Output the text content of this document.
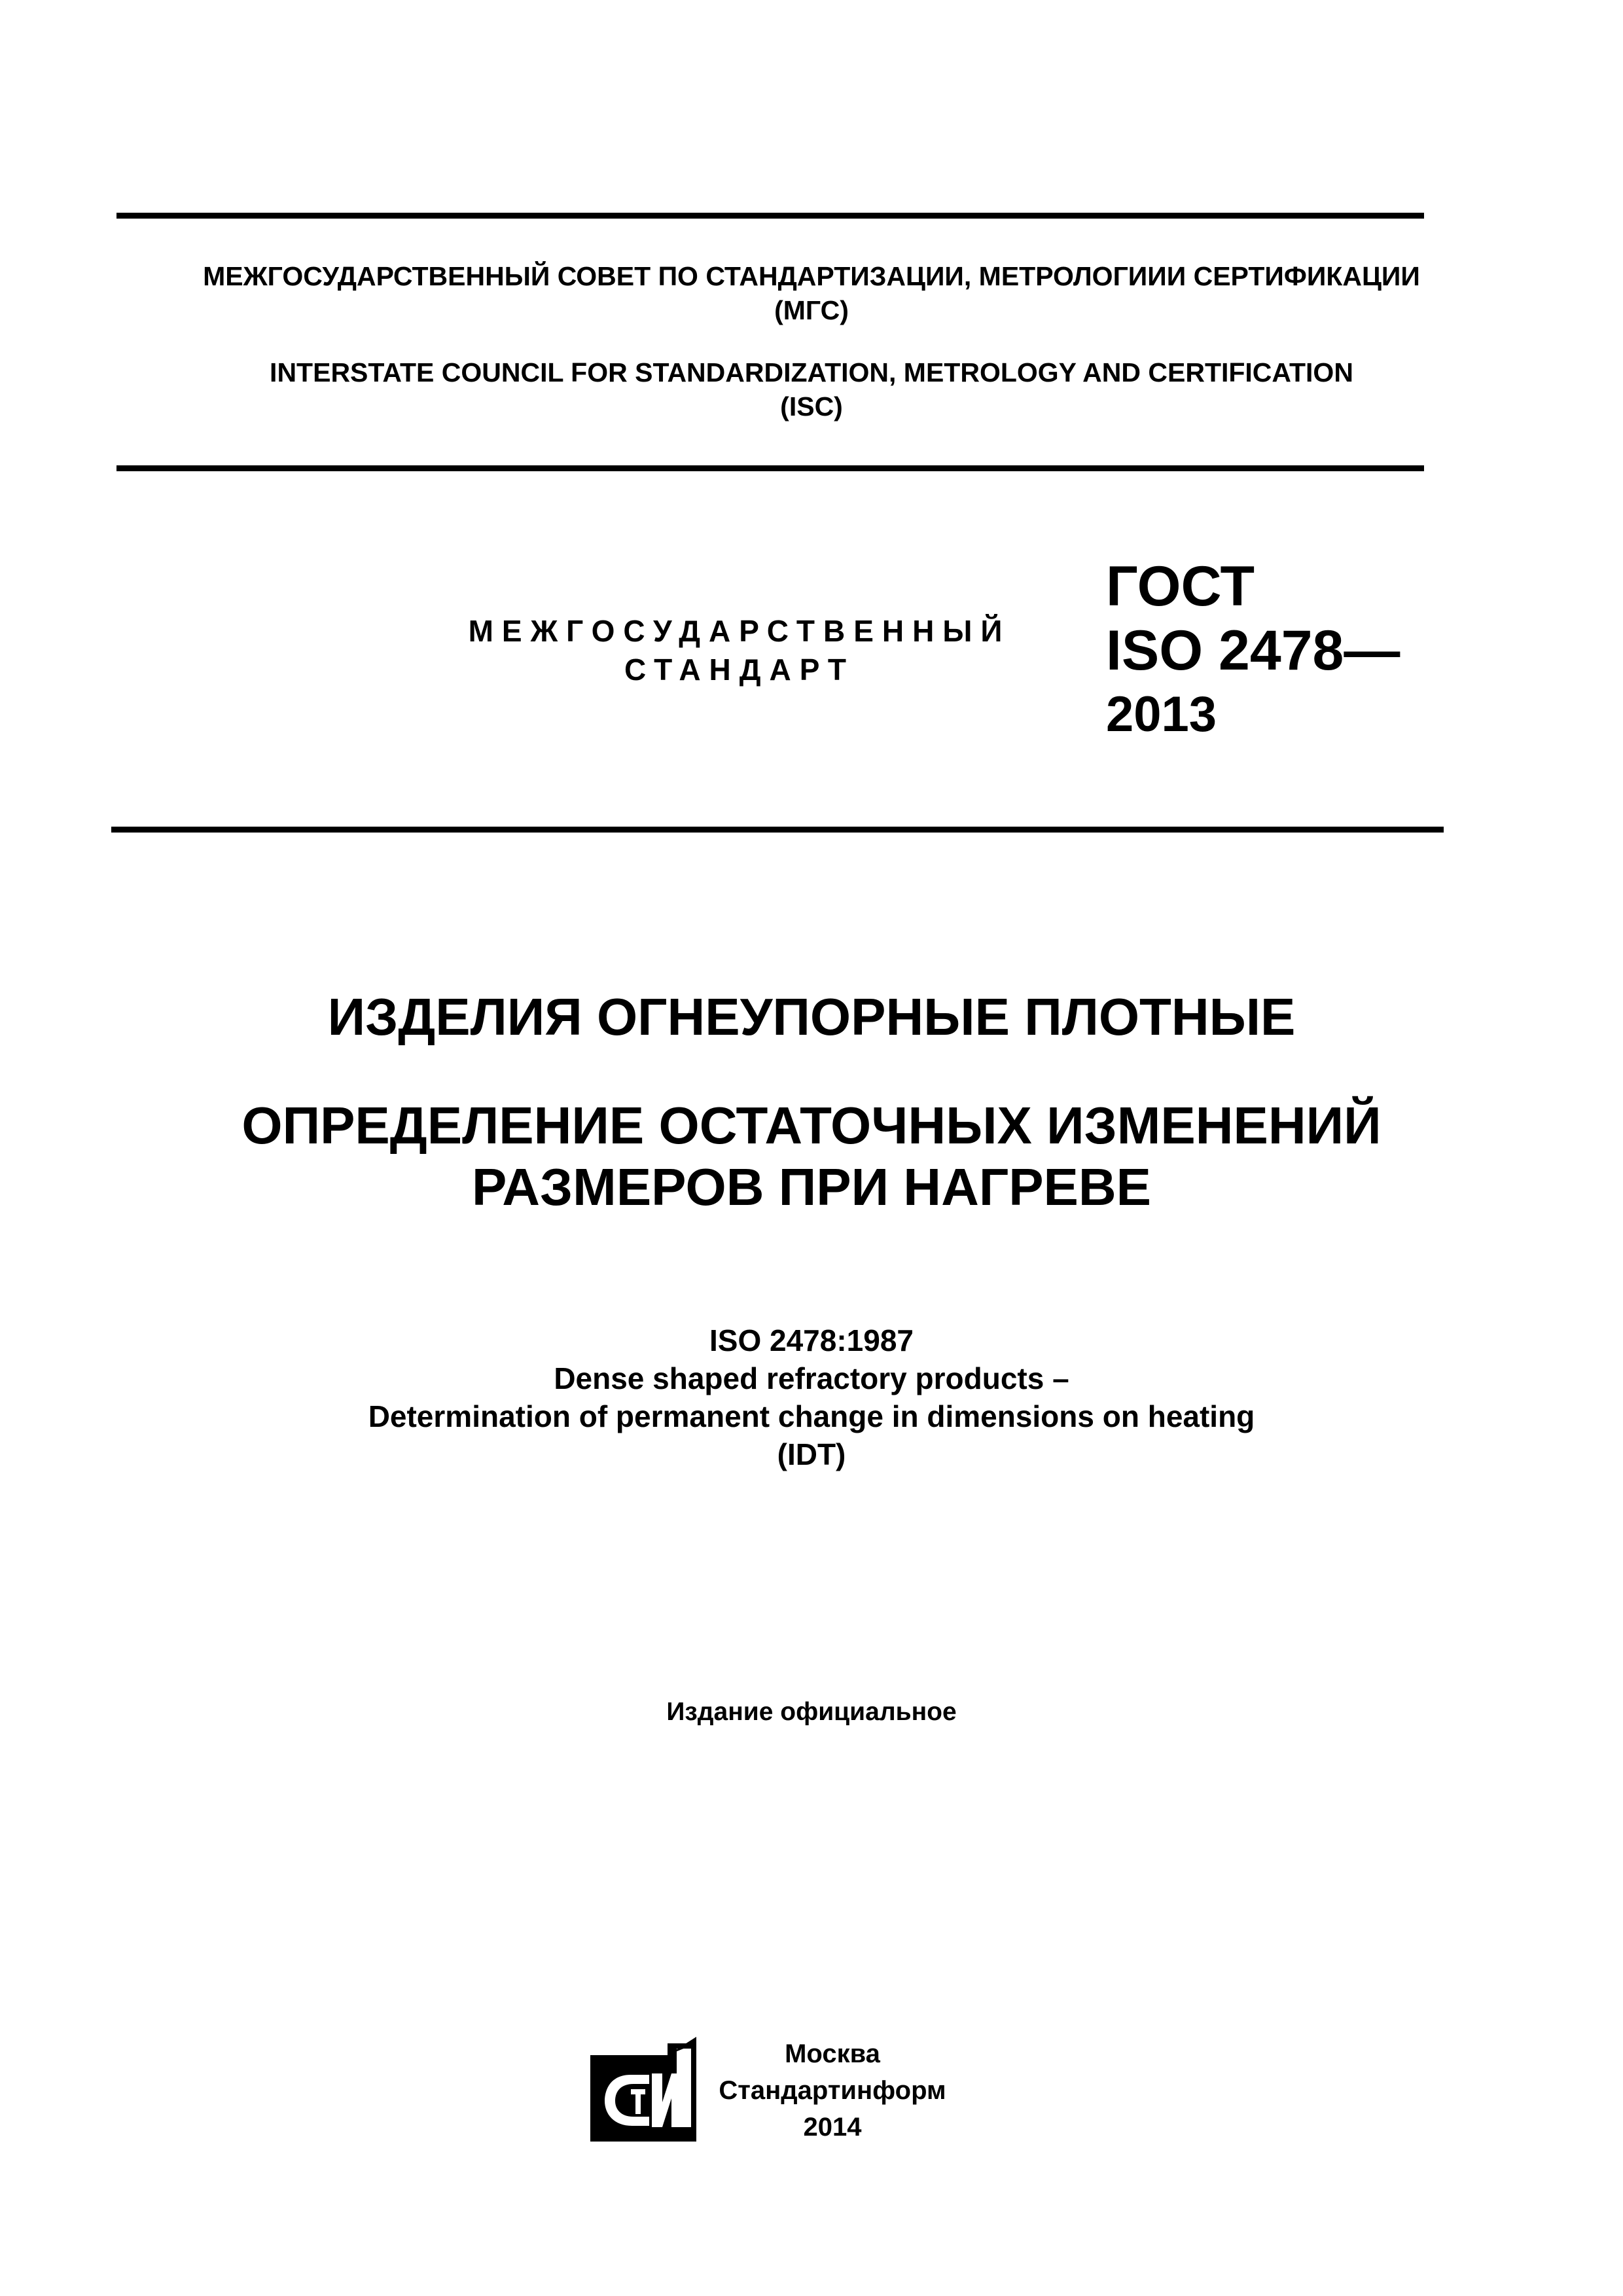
МЕЖГОСУДАРСТВЕННЫЙ СОВЕТ ПО СТАНДАРТИЗАЦИИ, МЕТРОЛОГИИИ СЕРТИФИКАЦИИ
(МГС)
INTERSTATE COUNCIL FOR STANDARDIZATION, METROLOGY AND CERTIFICATION
(ISC)
МЕЖГОСУДАРСТВЕННЫЙ
СТАНДАРТ
ГОСТ
ISO 2478—
2013
ИЗДЕЛИЯ ОГНЕУПОРНЫЕ ПЛОТНЫЕ
ОПРЕДЕЛЕНИЕ ОСТАТОЧНЫХ ИЗМЕНЕНИЙ
РАЗМЕРОВ ПРИ НАГРЕВЕ
ISO 2478:1987
Dense shaped refractory products –
Determination of permanent change in dimensions on heating
(IDT)
Издание официальное
Москва
Стандартинформ
2014
